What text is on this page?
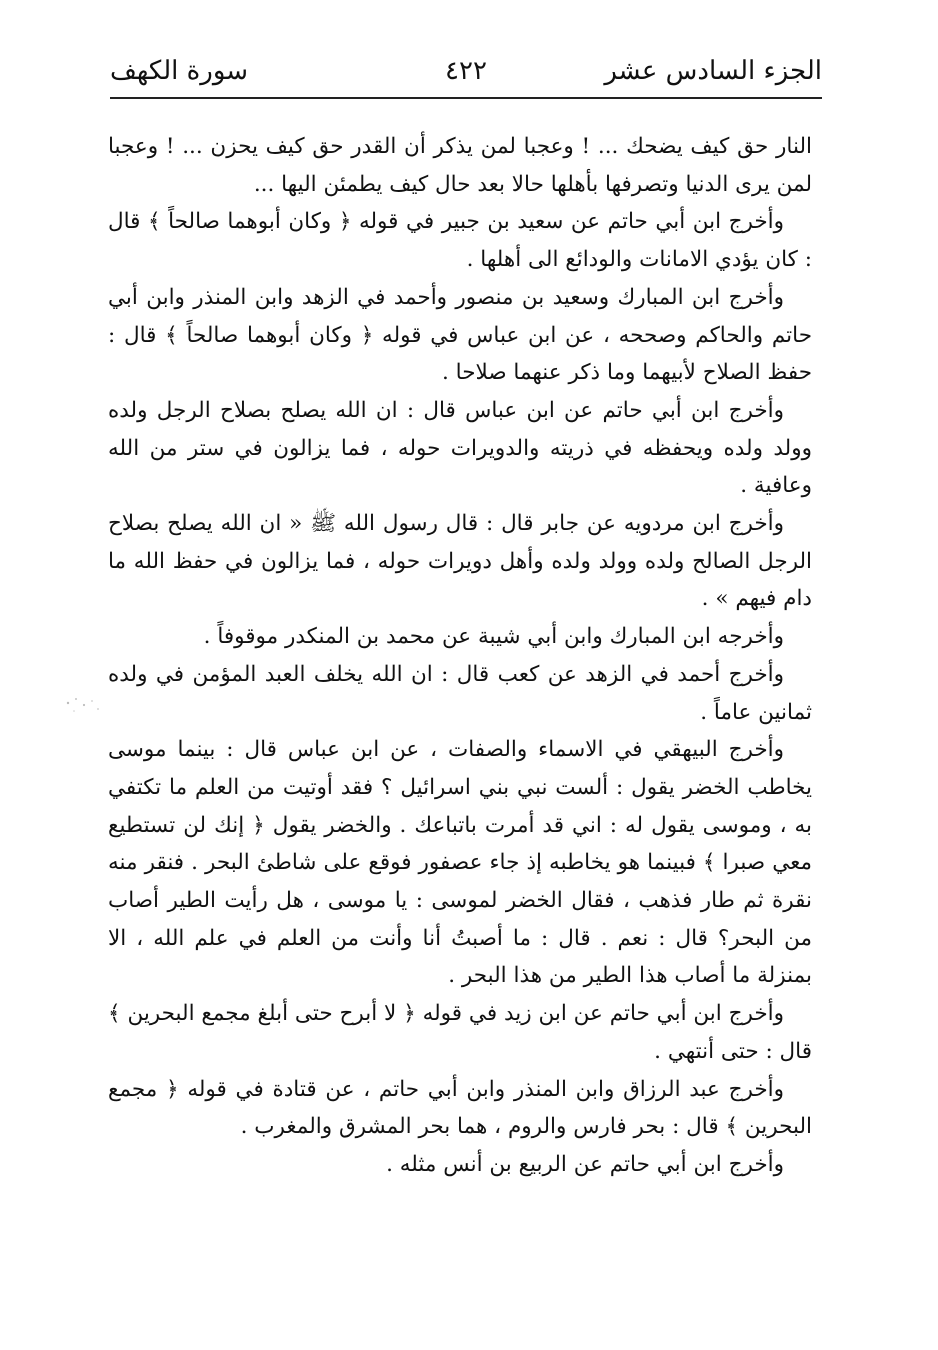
الجزء السادس عشر
٤٢٢
سورة الكهف

النار حق كيف يضحك ... ! وعجبا لمن يذكر أن القدر حق كيف يحزن ... ! وعجبا لمن يرى الدنيا وتصرفها بأهلها حالا بعد حال كيف يطمئن اليها ...

وأخرج ابن أبي حاتم عن سعيد بن جبير في قوله ﴿ وكان أبوهما صالحاً ﴾ قال : كان يؤدي الامانات والودائع الى أهلها .

وأخرج ابن المبارك وسعيد بن منصور وأحمد في الزهد وابن المنذر وابن أبي حاتم والحاكم وصححه ، عن ابن عباس في قوله ﴿ وكان أبوهما صالحاً ﴾ قال : حفظ الصلاح لأبيهما وما ذكر عنهما صلاحا .

وأخرج ابن أبي حاتم عن ابن عباس قال : ان الله يصلح بصلاح الرجل ولده وولد ولده ويحفظه في ذريته والدويرات حوله ، فما يزالون في ستر من الله وعافية .

وأخرج ابن مردويه عن جابر قال : قال رسول الله ﷺ « ان الله يصلح بصلاح الرجل الصالح ولده وولد ولده وأهل دويرات حوله ، فما يزالون في حفظ الله ما دام فيهم » .

وأخرجه ابن المبارك وابن أبي شيبة عن محمد بن المنكدر موقوفاً .

وأخرج أحمد في الزهد عن كعب قال : ان الله يخلف العبد المؤمن في ولده ثمانين عاماً .

وأخرج البيهقي في الاسماء والصفات ، عن ابن عباس قال : بينما موسى يخاطب الخضر يقول : ألست نبي بني اسرائيل ؟ فقد أوتيت من العلم ما تكتفي به ، وموسى يقول له : اني قد أمرت باتباعك . والخضر يقول ﴿ إنك لن تستطيع معي صبرا ﴾ فبينما هو يخاطبه إذ جاء عصفور فوقع على شاطئ البحر . فنقر منه نقرة ثم طار فذهب ، فقال الخضر لموسى : يا موسى ، هل رأيت الطير أصاب من البحر؟ قال : نعم . قال : ما أصبتُ أنا وأنت من العلم في علم الله ، الا بمنزلة ما أصاب هذا الطير من هذا البحر .

وأخرج ابن أبي حاتم عن ابن زيد في قوله ﴿ لا أبرح حتى أبلغ مجمع البحرين ﴾ قال : حتى أنتهي .

وأخرج عبد الرزاق وابن المنذر وابن أبي حاتم ، عن قتادة في قوله ﴿ مجمع البحرين ﴾ قال : بحر فارس والروم ، هما بحر المشرق والمغرب .

وأخرج ابن أبي حاتم عن الربيع بن أنس مثله .
